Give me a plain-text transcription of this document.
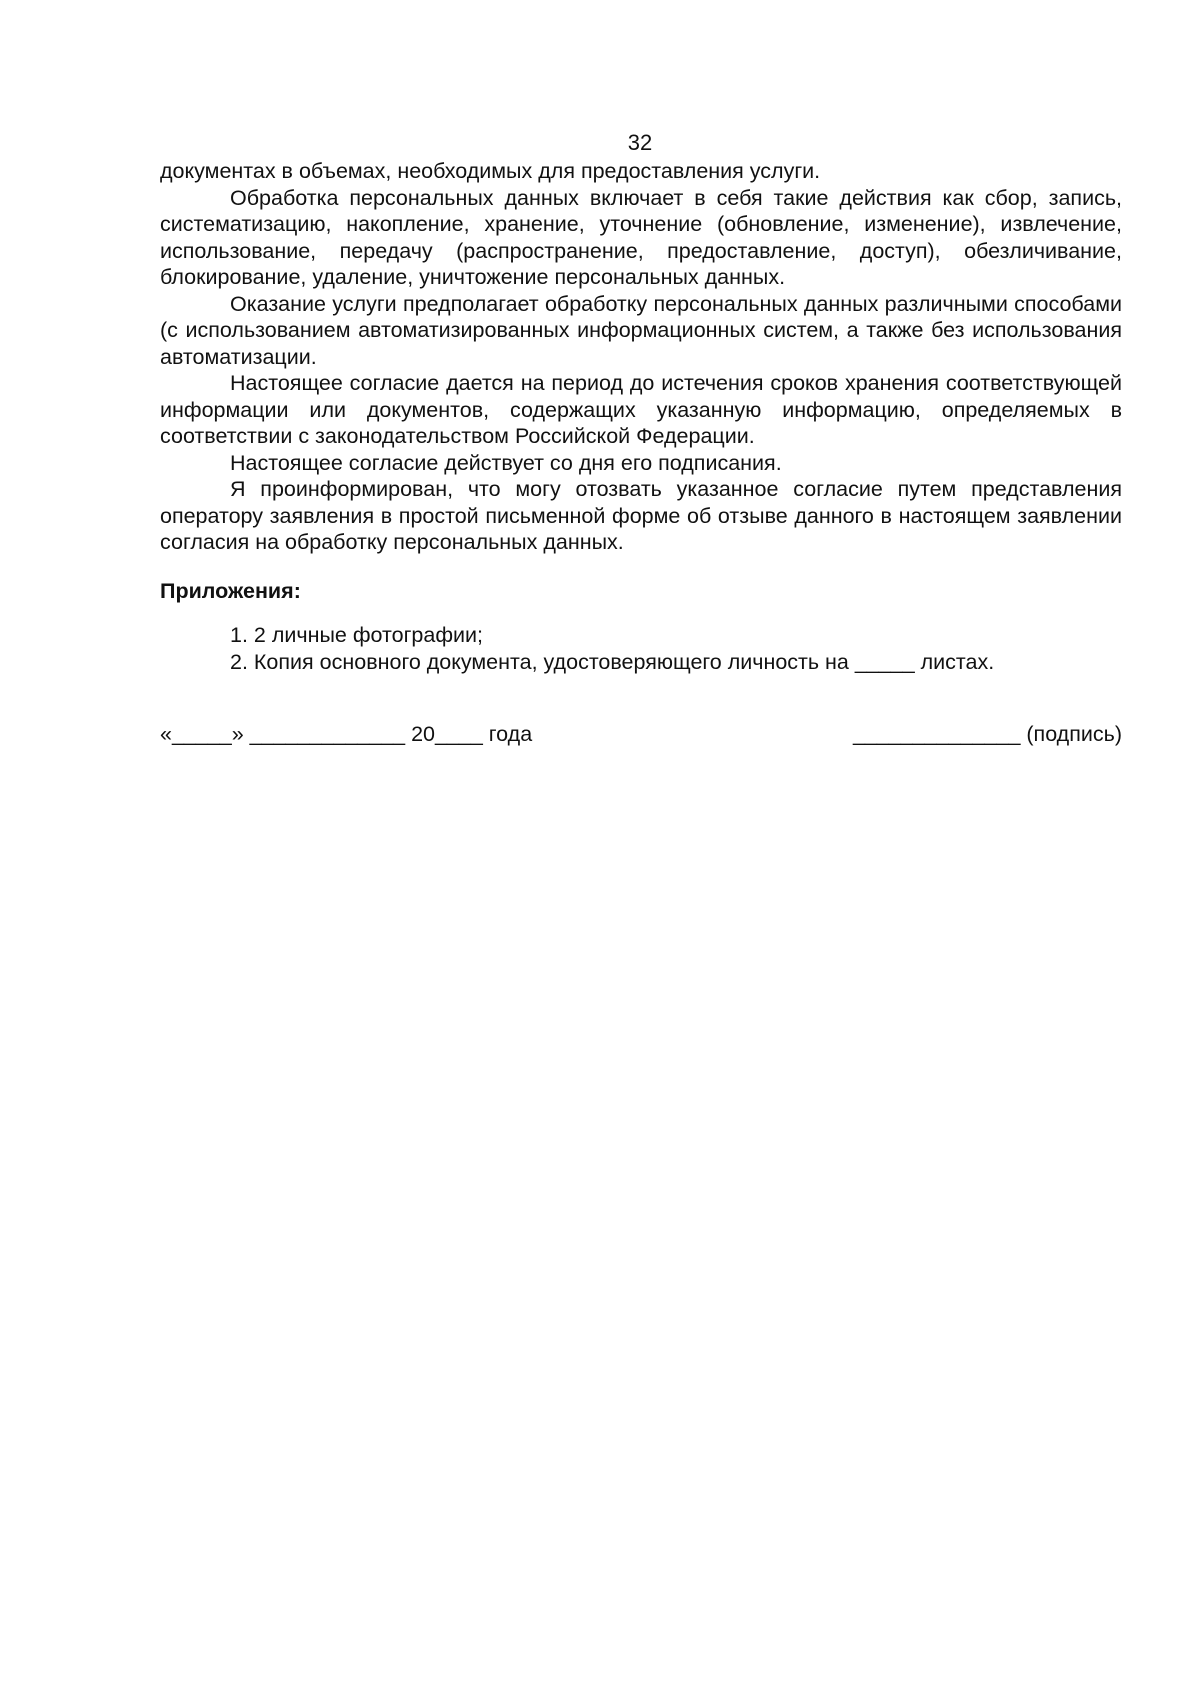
32

документах в объемах, необходимых для предоставления услуги.

Обработка персональных данных включает в себя такие действия как сбор, запись, систематизацию, накопление, хранение, уточнение (обновление, изменение), извлечение, использование, передачу (распространение, предоставление, доступ), обезличивание, блокирование, удаление, уничтожение персональных данных.

Оказание услуги предполагает обработку персональных данных различными способами (с использованием автоматизированных информационных систем, а также без использования автоматизации.

Настоящее согласие дается на период до истечения сроков хранения соответствующей информации или документов, содержащих указанную информацию, определяемых в соответствии с законодательством Российской Федерации.

Настоящее согласие действует со дня его подписания.

Я проинформирован, что могу отозвать указанное согласие путем представления оператору заявления в простой письменной форме об отзыве данного в настоящем заявлении согласия на обработку персональных данных.

Приложения:
1. 2 личные фотографии;
2. Копия основного документа, удостоверяющего личность на _____ листах.
«_____» _____________ 20____ года	______________ (подпись)
